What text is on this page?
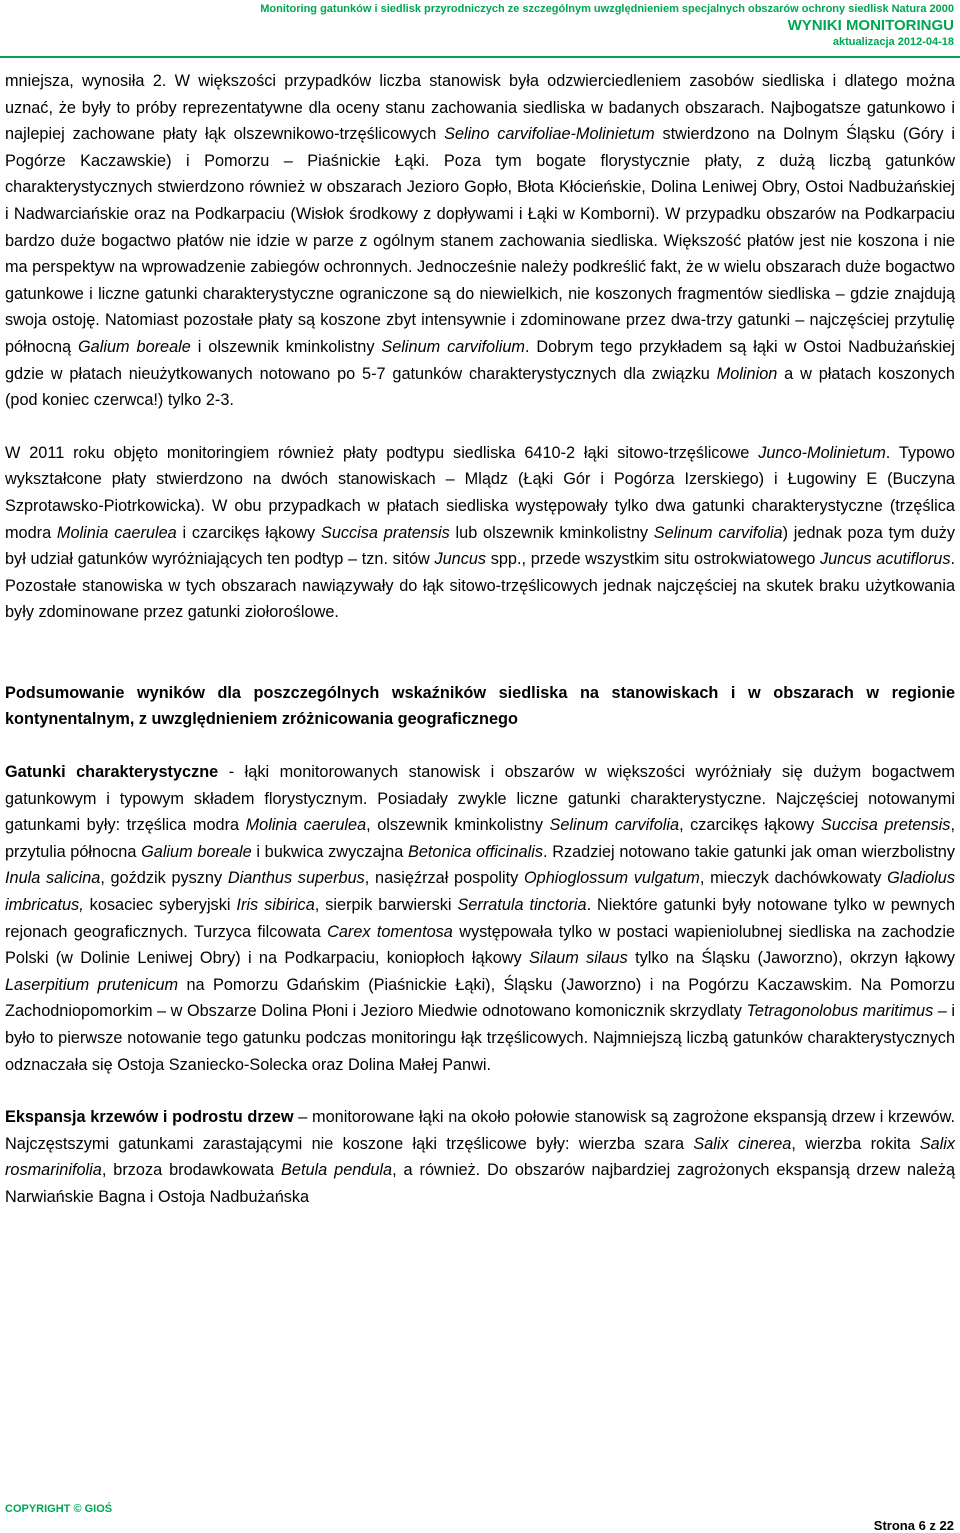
Monitoring gatunków i siedlisk przyrodniczych ze szczególnym uwzględnieniem specjalnych obszarów ochrony siedlisk Natura 2000
WYNIKI MONITORINGU
aktualizacja 2012-04-18

mniejsza, wynosiła 2. W większości przypadków liczba stanowisk była odzwierciedleniem zasobów siedliska i dlatego można uznać, że były to próby reprezentatywne dla oceny stanu zachowania siedliska w badanych obszarach. Najbogatsze gatunkowo i najlepiej zachowane płaty łąk olszewnikowo-trzęślicowych Selino carvifoliae-Molinietum stwierdzono na Dolnym Śląsku (Góry i Pogórze Kaczawskie) i Pomorzu – Piaśnickie Łąki. Poza tym bogate florystycznie płaty, z dużą liczbą gatunków charakterystycznych stwierdzono również w obszarach Jezioro Gopło, Błota Kłócieńskie, Dolina Leniwej Obry, Ostoi Nadbużańskiej i Nadwarciańskie oraz na Podkarpaciu (Wisłok środkowy z dopływami i Łąki w Komborni). W przypadku obszarów na Podkarpaciu bardzo duże bogactwo płatów nie idzie w parze z ogólnym stanem zachowania siedliska. Większość płatów jest nie koszona i nie ma perspektyw na wprowadzenie zabiegów ochronnych. Jednocześnie należy podkreślić fakt, że w wielu obszarach duże bogactwo gatunkowe i liczne gatunki charakterystyczne ograniczone są do niewielkich, nie koszonych fragmentów siedliska – gdzie znajdują swoja ostoję. Natomiast pozostałe płaty są koszone zbyt intensywnie i zdominowane przez dwa-trzy gatunki – najczęściej przytulię północną Galium boreale i olszewnik kminkolistny Selinum carvifolium. Dobrym tego przykładem są łąki w Ostoi Nadbużańskiej gdzie w płatach nieużytkowanych notowano po 5-7 gatunków charakterystycznych dla związku Molinion a w płatach koszonych (pod koniec czerwca!) tylko 2-3.

W 2011 roku objęto monitoringiem również płaty podtypu siedliska 6410-2 łąki sitowo-trzęślicowe Junco-Molinietum. Typowo wykształcone płaty stwierdzono na dwóch stanowiskach – Mlądz (Łąki Gór i Pogórza Izerskiego) i Ługowiny E (Buczyna Szprotawsko-Piotrkowicka). W obu przypadkach w płatach siedliska występowały tylko dwa gatunki charakterystyczne (trzęślica modra Molinia caerulea i czarcikęs łąkowy Succisa pratensis lub olszewnik kminkolistny Selinum carvifolia) jednak poza tym duży był udział gatunków wyróżniających ten podtyp – tzn. sitów Juncus spp., przede wszystkim situ ostrokwiatowego Juncus acutiflorus. Pozostałe stanowiska w tych obszarach nawiązywały do łąk sitowo-trzęślicowych jednak najczęściej na skutek braku użytkowania były zdominowane przez gatunki ziołoroślowe.

Podsumowanie wyników dla poszczególnych wskaźników siedliska na stanowiskach i w obszarach w regionie kontynentalnym, z uwzględnieniem zróżnicowania geograficznego

Gatunki charakterystyczne - łąki monitorowanych stanowisk i obszarów w większości wyróżniały się dużym bogactwem gatunkowym i typowym składem florystycznym. Posiadały zwykle liczne gatunki charakterystyczne. Najczęściej notowanymi gatunkami były: trzęślica modra Molinia caerulea, olszewnik kminkolistny Selinum carvifolia, czarcikęs łąkowy Succisa pretensis, przytulia północna Galium boreale i bukwica zwyczajna Betonica officinalis. Rzadziej notowano takie gatunki jak oman wierzbolistny Inula salicina, goździk pyszny Dianthus superbus, nasięźrzał pospolity Ophioglossum vulgatum, mieczyk dachówkowaty Gladiolus imbricatus, kosaciec syberyjski Iris sibirica, sierpik barwierski Serratula tinctoria. Niektóre gatunki były notowane tylko w pewnych rejonach geograficznych. Turzyca filcowata Carex tomentosa występowała tylko w postaci wapieniolubnej siedliska na zachodzie Polski (w Dolinie Leniwej Obry) i na Podkarpaciu, koniopłoch łąkowy Silaum silaus tylko na Śląsku (Jaworzno), okrzyn łąkowy Laserpitium prutenicum na Pomorzu Gdańskim (Piaśnickie Łąki), Śląsku (Jaworzno) i na Pogórzu Kaczawskim. Na Pomorzu Zachodniopomorkim – w Obszarze Dolina Płoni i Jezioro Miedwie odnotowano komonicznik skrzydlaty Tetragonolobus maritimus – i było to pierwsze notowanie tego gatunku podczas monitoringu łąk trzęślicowych. Najmniejszą liczbą gatunków charakterystycznych odznaczała się Ostoja Szaniecko-Solecka oraz Dolina Małej Panwi.

Ekspansja krzewów i podrostu drzew – monitorowane łąki na około połowie stanowisk są zagrożone ekspansją drzew i krzewów. Najczęstszymi gatunkami zarastającymi nie koszone łąki trzęślicowe były: wierzba szara Salix cinerea, wierzba rokita Salix rosmarinifolia, brzoza brodawkowata Betula pendula, a również. Do obszarów najbardziej zagrożonych ekspansją drzew należą Narwiańskie Bagna i Ostoja Nadbużańska

COPYRIGHT © GIOŚ
Strona 6 z 22
